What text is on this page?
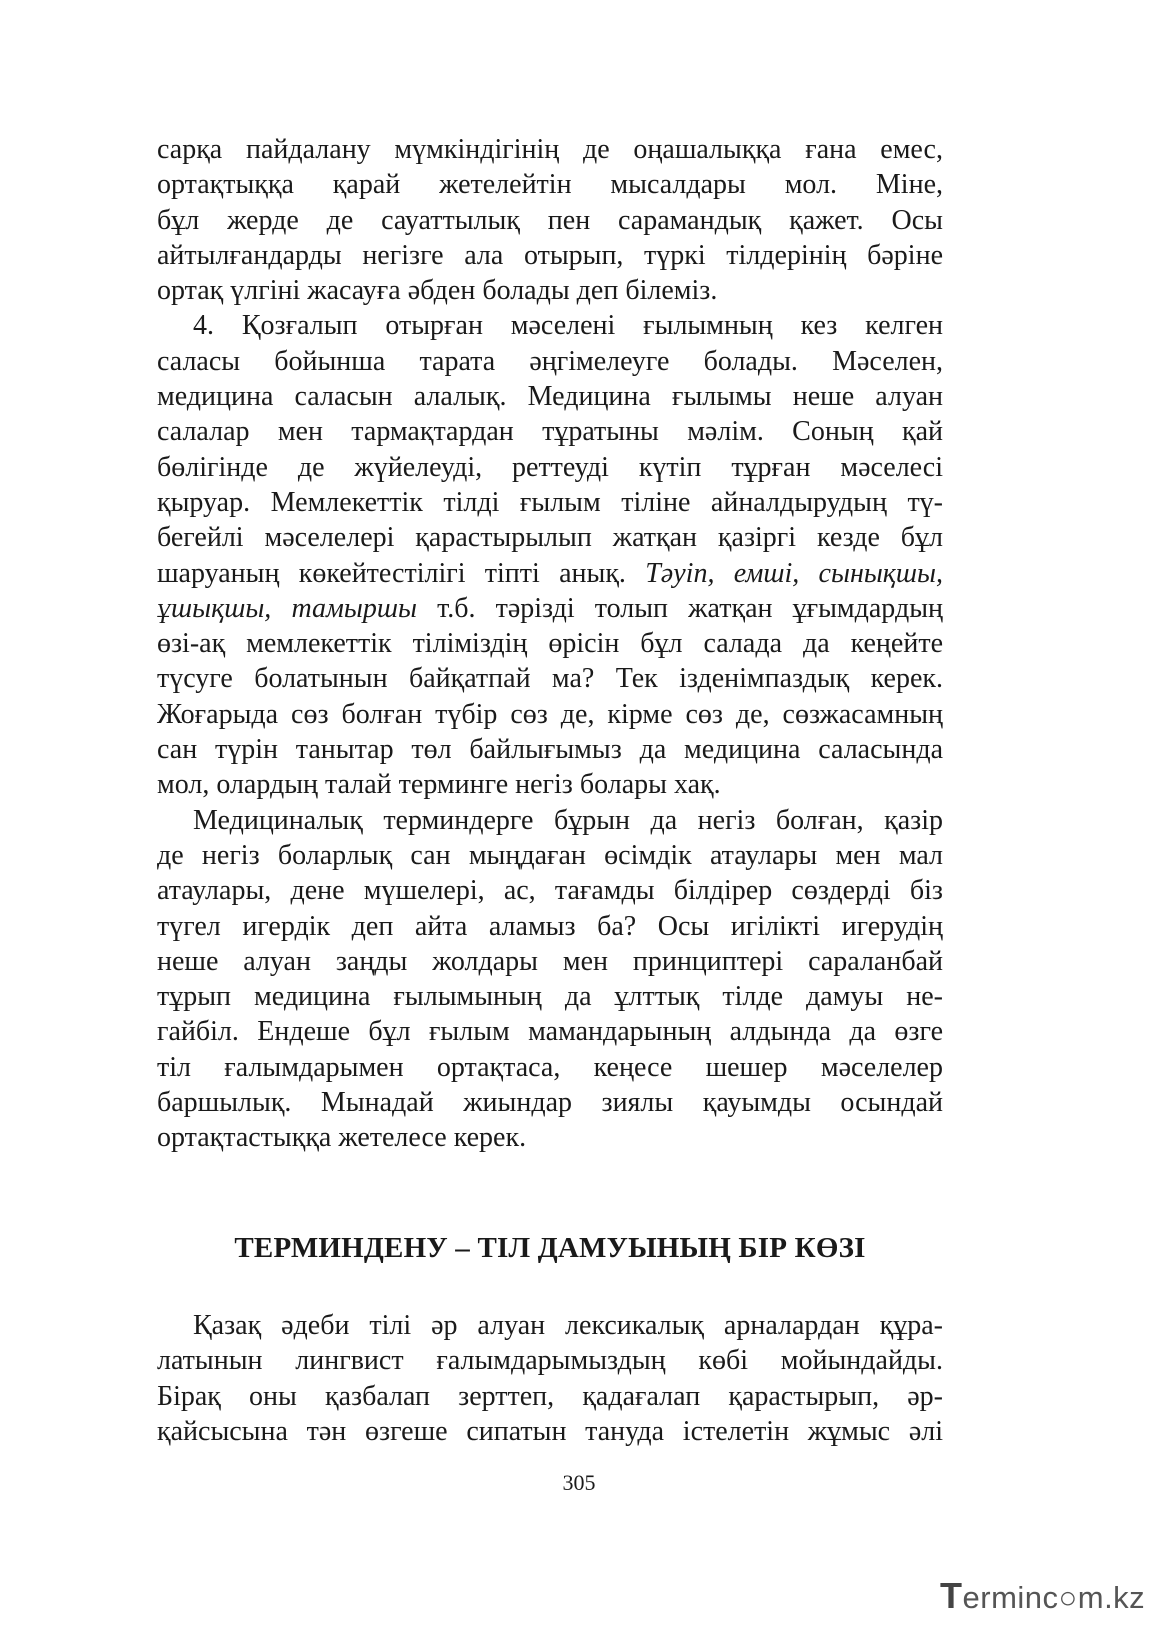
сарқа пайдалану мүмкіндігінің де оңашалыққа ғана емес,
ортақтыққа қарай жетелейтін мысалдары мол. Міне,
бұл жерде де сауаттылық пен сарамандық қажет. Осы
айтылғандарды негізге ала отырып, түркі тілдерінің бәріне
ортақ үлгіні жасауға әбден болады деп білеміз.
4. Қозғалып отырған мәселені ғылымның кез келген
саласы бойынша тарата әңгімелеуге болады. Мәселен,
медицина саласын алалық. Медицина ғылымы неше алуан
салалар мен тармақтардан тұратыны мәлім. Соның қай
бөлігінде де жүйелеуді, реттеуді күтіп тұрған мәселесі
қыруар. Мемлекеттік тілді ғылым тіліне айналдырудың тү-
бегейлі мәселелері қарастырылып жатқан қазіргі кезде бұл
шаруаның көкейтестілігі тіпті анық. Тәуіп, емші, сынықшы,
ұшықшы, тамыршы т.б. тәрізді толып жатқан ұғымдардың
өзі-ақ мемлекеттік тіліміздің өрісін бұл салада да кеңейте
түсуге болатынын байқатпай ма? Тек ізденімпаздық керек.
Жоғарыда сөз болған түбір сөз де, кірме сөз де, сөзжасамның
сан түрін танытар төл байлығымыз да медицина саласында
мол, олардың талай терминге негіз болары хақ.
Медициналық терминдерге бұрын да негіз болған, қазір
де негіз боларлық сан мыңдаған өсімдік атаулары мен мал
атаулары, дене мүшелері, ас, тағамды білдірер сөздерді біз
түгел игердік деп айта аламыз ба? Осы игілікті игерудің
неше алуан заңды жолдары мен принциптері сараланбай
тұрып медицина ғылымының да ұлттық тілде дамуы не-
гайбіл. Ендеше бұл ғылым мамандарының алдында да өзге
тіл ғалымдарымен ортақтаса, кеңесе шешер мәселелер
баршылық. Мынадай жиындар зиялы қауымды осындай
ортақтастыққа жетелесе керек.
ТЕРМИНДЕНУ – ТІЛ ДАМУЫНЫҢ БІР КӨЗІ
Қазақ әдеби тілі әр алуан лексикалық арналардан құра-
латынын лингвист ғалымдарымыздың көбі мойындайды.
Бірақ оны қазбалап зерттеп, қадағалап қарастырып, әр-
қайсысына тән өзгеше сипатын тануда істелетін жұмыс әлі
305
Terminc○m.kz
